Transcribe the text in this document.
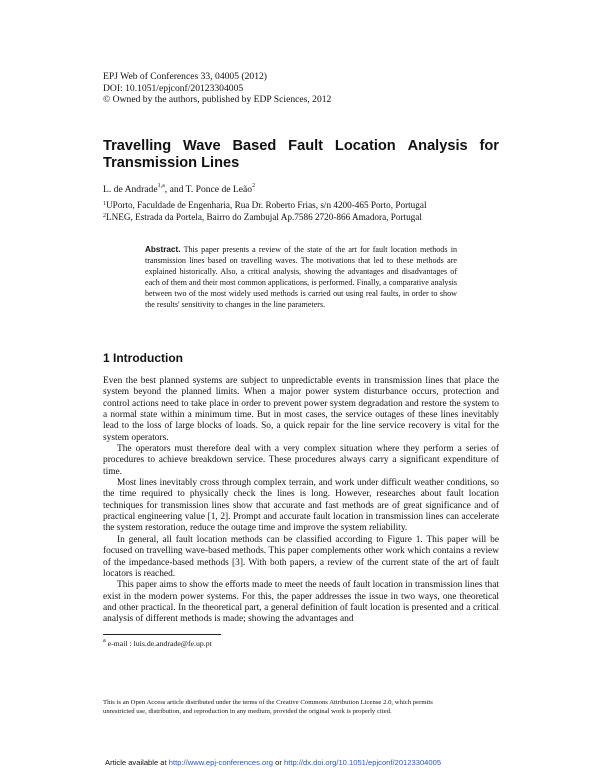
EPJ Web of Conferences 33, 04005 (2012)
DOI: 10.1051/epjconf/20123304005
© Owned by the authors, published by EDP Sciences, 2012
Travelling Wave Based Fault Location Analysis for
Transmission Lines
L. de Andrade$^{1,a}$, and T. Ponce de Leão$^2$
$^1$UPorto, Faculdade de Engenharia, Rua Dr. Roberto Frias, s/n 4200-465 Porto, Portugal
$^2$LNEG, Estrada da Portela, Bairro do Zambujal Ap.7586 2720-866 Amadora, Portugal
Abstract. This paper presents a review of the state of the art for fault location methods in transmission lines based on travelling waves. The motivations that led to these methods are explained historically. Also, a critical analysis, showing the advantages and disadvantages of each of them and their most common applications, is performed. Finally, a comparative analysis between two of the most widely used methods is carried out using real faults, in order to show the results' sensitivity to changes in the line parameters.
1 Introduction

Even the best planned systems are subject to unpredictable events in transmission lines that place the system beyond the planned limits. When a major power system disturbance occurs, protection and control actions need to take place in order to prevent power system degradation and restore the system to a normal state within a minimum time. But in most cases, the service outages of these lines inevitably lead to the loss of large blocks of loads. So, a quick repair for the line service recovery is vital for the system operators.

The operators must therefore deal with a very complex situation where they perform a series of procedures to achieve breakdown service. These procedures always carry a significant expenditure of time.

Most lines inevitably cross through complex terrain, and work under difficult weather conditions, so the time required to physically check the lines is long. However, researches about fault location techniques for transmission lines show that accurate and fast methods are of great significance and of practical engineering value [1, 2]. Prompt and accurate fault location in transmission lines can accelerate the system restoration, reduce the outage time and improve the system reliability.

In general, all fault location methods can be classified according to Figure 1. This paper will be focused on travelling wave-based methods. This paper complements other work which contains a review of the impedance-based methods [3]. With both papers, a review of the current state of the art of fault locators is reached.

This paper aims to show the efforts made to meet the needs of fault location in transmission lines that exist in the modern power systems. For this, the paper addresses the issue in two ways, one theoretical and other practical. In the theoretical part, a general definition of fault location is presented and a critical analysis of different methods is made; showing the advantages and

$^a$ e-mail : luis.de.andrade@fe.up.pt
This is an Open Access article distributed under the terms of the Creative Commons Attribution License 2.0, which permits
unrestricted use, distribution, and reproduction in any medium, provided the original work is properly cited.
Article available at http://www.epj-conferences.org or http://dx.doi.org/10.1051/epjconf/20123304005
